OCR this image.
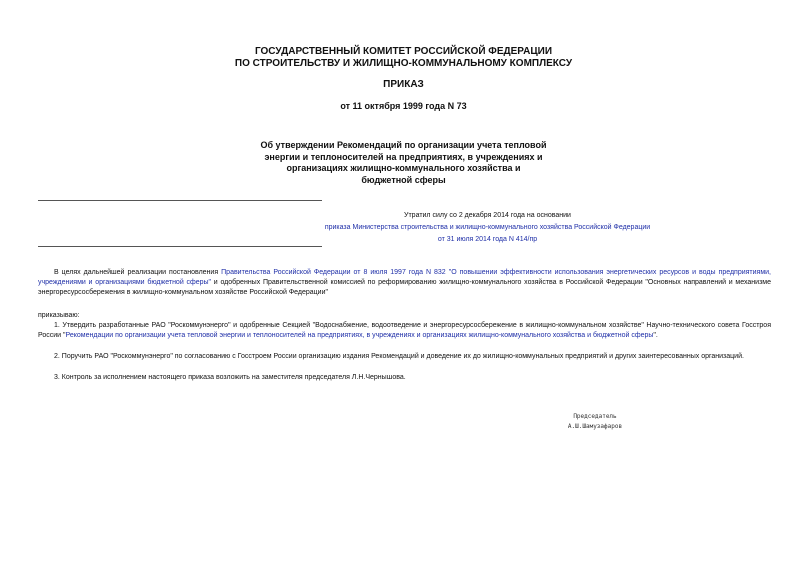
ГОСУДАРСТВЕННЫЙ КОМИТЕТ РОССИЙСКОЙ ФЕДЕРАЦИИ
ПО СТРОИТЕЛЬСТВУ И ЖИЛИЩНО-КОММУНАЛЬНОМУ КОМПЛЕКСУ
ПРИКАЗ
от 11 октября 1999 года N 73
Об утверждении Рекомендаций по организации учета тепловой
энергии и теплоносителей на предприятиях, в учреждениях и
организациях жилищно-коммунального хозяйства и
бюджетной сферы
Утратил силу со 2 декабря 2014 года на основании
приказа Министерства строительства и жилищно-коммунального хозяйства Российской Федерации
от 31 июля 2014 года N 414/пр
В целях дальнейшей реализации постановления Правительства Российской Федерации от 8 июля 1997 года N 832 "О повышении эффективности использования энергетических ресурсов и воды предприятиями, учреждениями и организациями бюджетной сферы" и одобренных Правительственной комиссией по реформированию жилищно-коммунального хозяйства в Российской Федерации "Основных направлений и механизме энергоресурсосбережения в жилищно-коммунальном хозяйстве Российской Федерации"
приказываю:
1. Утвердить разработанные РАО "Роскоммунэнерго" и одобренные Секцией "Водоснабжение, водоотведение и энергоресурсосбережение в жилищно-коммунальном хозяйстве" Научно-технического совета Госстроя России "Рекомендации по организации учета тепловой энергии и теплоносителей на предприятиях, в учреждениях и организациях жилищно-коммунального хозяйства и бюджетной сферы".
2. Поручить РАО "Роскоммунэнерго" по согласованию с Госстроем России организацию издания Рекомендаций и доведение их до жилищно-коммунальных предприятий и других заинтересованных организаций.
3. Контроль за исполнением настоящего приказа возложить на заместителя председателя Л.Н.Чернышова.
Председатель
А.Ш.Шамузафаров
